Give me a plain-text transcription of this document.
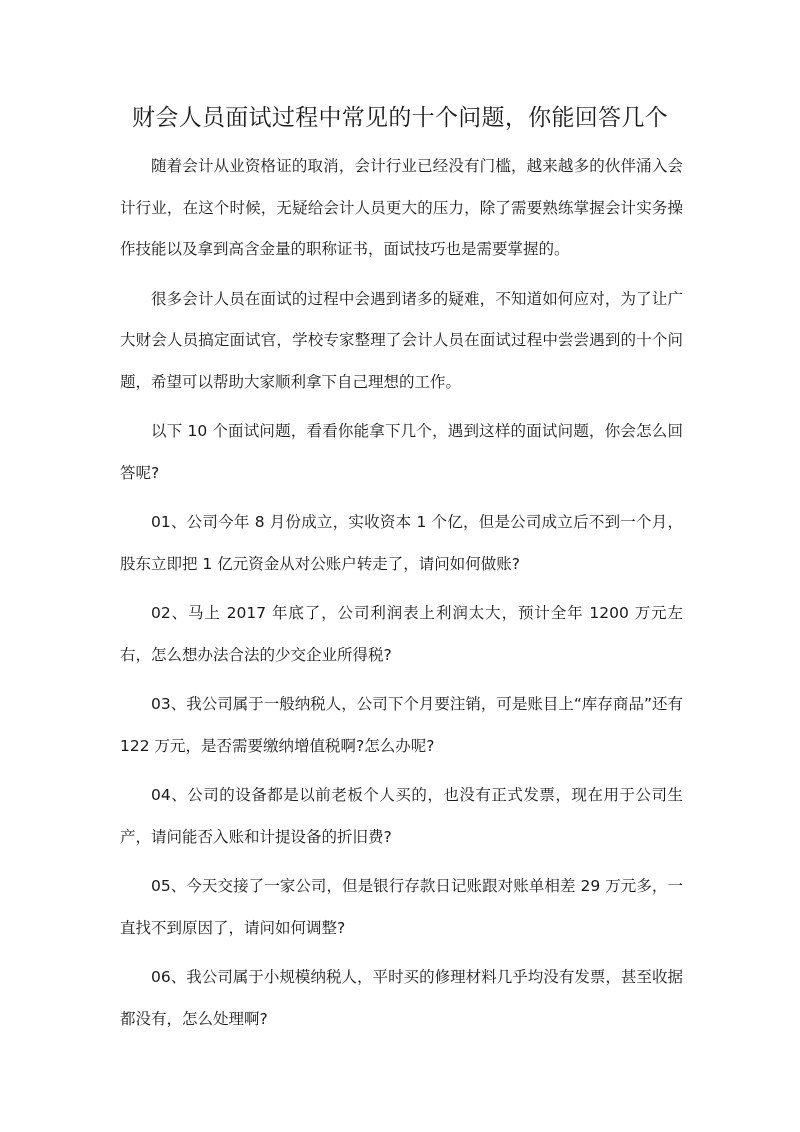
财会人员面试过程中常见的十个问题，你能回答几个

随着会计从业资格证的取消，会计行业已经没有门槛，越来越多的伙伴涌入会计行业，在这个时候，无疑给会计人员更大的压力，除了需要熟练掌握会计实务操作技能以及拿到高含金量的职称证书，面试技巧也是需要掌握的。

很多会计人员在面试的过程中会遇到诸多的疑难，不知道如何应对，为了让广大财会人员搞定面试官，学校专家整理了会计人员在面试过程中尝尝遇到的十个问题，希望可以帮助大家顺利拿下自己理想的工作。

以下 10 个面试问题，看看你能拿下几个，遇到这样的面试问题，你会怎么回答呢?

01、公司今年 8 月份成立，实收资本 1 个亿，但是公司成立后不到一个月，股东立即把 1 亿元资金从对公账户转走了，请问如何做账?

02、马上 2017 年底了，公司利润表上利润太大，预计全年 1200 万元左右，怎么想办法合法的少交企业所得税?

03、我公司属于一般纳税人，公司下个月要注销，可是账目上“库存商品”还有 122 万元，是否需要缴纳增值税啊?怎么办呢?

04、公司的设备都是以前老板个人买的，也没有正式发票，现在用于公司生产，请问能否入账和计提设备的折旧费?

05、今天交接了一家公司，但是银行存款日记账跟对账单相差 29 万元多，一直找不到原因了，请问如何调整?

06、我公司属于小规模纳税人，平时买的修理材料几乎均没有发票，甚至收据都没有，怎么处理啊?
